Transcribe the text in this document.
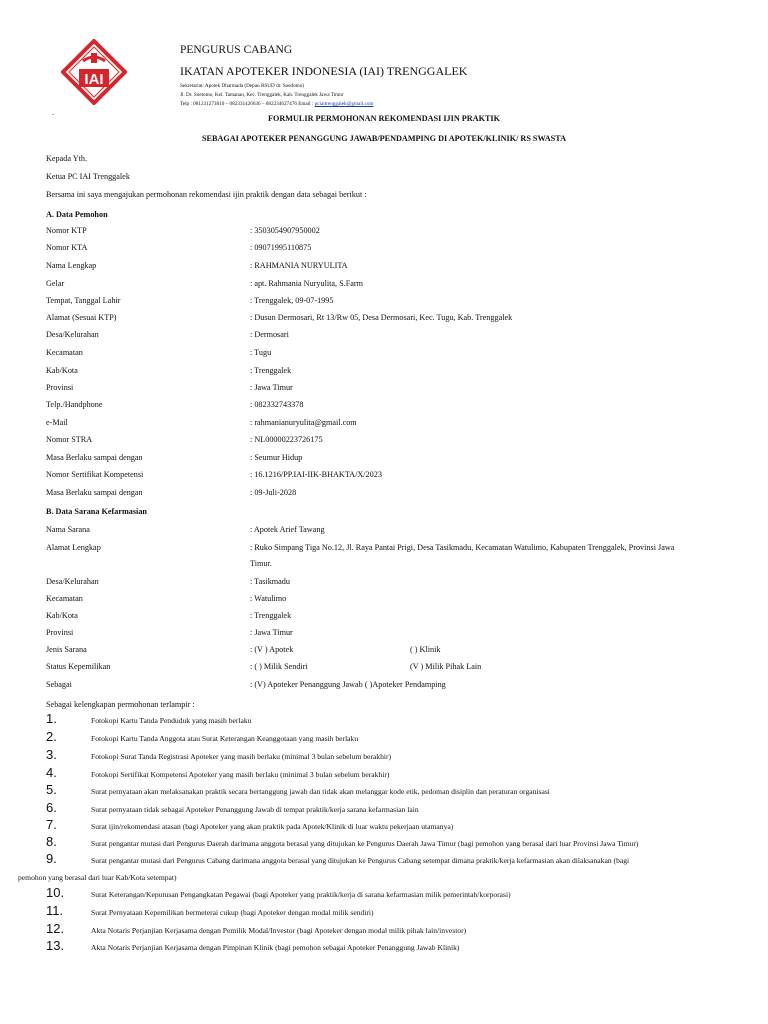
IAI
PENGURUS CABANG
IKATAN APOTEKER INDONESIA (IAI) TRENGGALEK
Sekretariat: Apotek Dharmada (Depan RSUD dr. Soedomo)
Jl. Dr. Soetomo, Kel. Tamanan, Kec. Trenggalek, Kab. Trenggalek Jawa Timur
Telp : 081231273810 – 082331426636 – 082234627476 Email : pciaitrenggalek@gmail.com
.
FORMULIR PERMOHONAN REKOMENDASI IJIN PRAKTIK
SEBAGAI APOTEKER PENANGGUNG JAWAB/PENDAMPING DI APOTEK/KLINIK/ RS SWASTA
Kepada Yth.
Ketua PC IAI Trenggalek
Bersama ini saya mengajukan permohonan rekomendasi ijin praktik dengan data sebagai berikut :
A. Data Pemohon
Nomor KTP	: 3503054907950002
Nomor KTA	: 09071995110875
Nama Lengkap	: RAHMANIA NURYULITA
Gelar	: apt. Rahmania Nuryulita, S.Farm
Tempat, Tanggal Lahir	: Trenggalek, 09-07-1995
Alamat (Sesuai KTP)	: Dusun Dermosari, Rt 13/Rw 05, Desa Dermosari, Kec. Tugu, Kab. Trenggalek
Desa/Kelurahan	: Dermosari
Kecamatan	: Tugu
Kab/Kota	: Trenggalek
Provinsi	: Jawa Timur
Telp./Handphone	: 082332743378
e-Mail	: rahmanianuryulita@gmail.com
Nomor STRA	: NL00000223726175
Masa Berlaku sampai dengan	: Seumur Hidup
Nomor Sertifikat Kompetensi	: 16.1216/PP.IAI-IIK-BHAKTA/X/2023
Masa Berlaku sampai dengan	: 09-Juli-2028
B. Data Sarana Kefarmasian
Nama Sarana	: Apotek Arief Tawang
Alamat Lengkap	: Ruko Simpang Tiga No.12, Jl. Raya Pantai Prigi, Desa Tasikmadu, Kecamatan Watulimo, Kabupaten Trenggalek, Provinsi Jawa
Timur.
Desa/Kelurahan	: Tasikmadu
Kecamatan	: Watulimo
Kab/Kota	: Trenggalek
Provinsi	: Jawa Timur
Jenis Sarana	: (V ) Apotek	( ) Klinik
Status Kepemilikan	: ( ) Milik Sendiri	(V ) Milik Pihak Lain
Sebagai	: (V) Apoteker Penanggung Jawab ( )Apoteker Pendamping
Sebagai kelengkapan permohonan terlampir :
1.	Fotokopi Kartu Tanda Penduduk yang masih berlaku
2.	Fotokopi Kartu Tanda Anggota atau Surat Keterangan Keanggotaan yang masih berlaku
3.	Fotokopi Surat Tanda Registrasi Apoteker yang masih berlaku (minimal 3 bulan sebelum berakhir)
4.	Fotokopi Sertifikat Kompetensi Apoteker yang masih berlaku (minimal 3 bulan sebelum berakhir)
5.	Surat pernyataan akan melaksanakan praktik secara bertanggung jawab dan tidak akan melanggar kode etik, pedoman disiplin dan peraturan organisasi
6.	Surat pernyataan tidak sebagai Apoteker Penanggung Jawab di tempat praktik/kerja sarana kefarmasian lain
7.	Surat ijin/rekomendasi atasan (bagi Apoteker yang akan praktik pada Apotek/Klinik di luar waktu pekerjaan utamanya)
8.	Surat pengantar mutasi dari Pengurus Daerah darimana anggota berasal yang ditujukan ke Pengurus Daerah Jawa Timur (bagi pemohon yang berasal dari luar Provinsi Jawa Timur)
9.	Surat pengantar mutasi dari Pengurus Cabang darimana anggota berasal yang ditujukan ke Pengurus Cabang setempat dimana praktik/kerja kefarmasian akan dilaksanakan (bagi
10.	Surat Keterangan/Keputusan Pengangkatan Pegawai (bagi Apoteker yang praktik/kerja di sarana kefarmasian milik pemerintah/korporasi)
11.	Surat Pernyataan Kepemilikan bermeterai cukup (bagi Apoteker dengan modal milik sendiri)
12.	Akta Notaris Perjanjian Kerjasama dengan Pemilik Modal/Investor (bagi Apoteker dengan modal milik pihak lain/investor)
13.	Akta Notaris Perjanjian Kerjasama dengan Pimpinan Klinik (bagi pemohon sebagai Apoteker Penanggung Jawab Klinik)
pemohon yang berasal dari luar Kab/Kota setempat)
